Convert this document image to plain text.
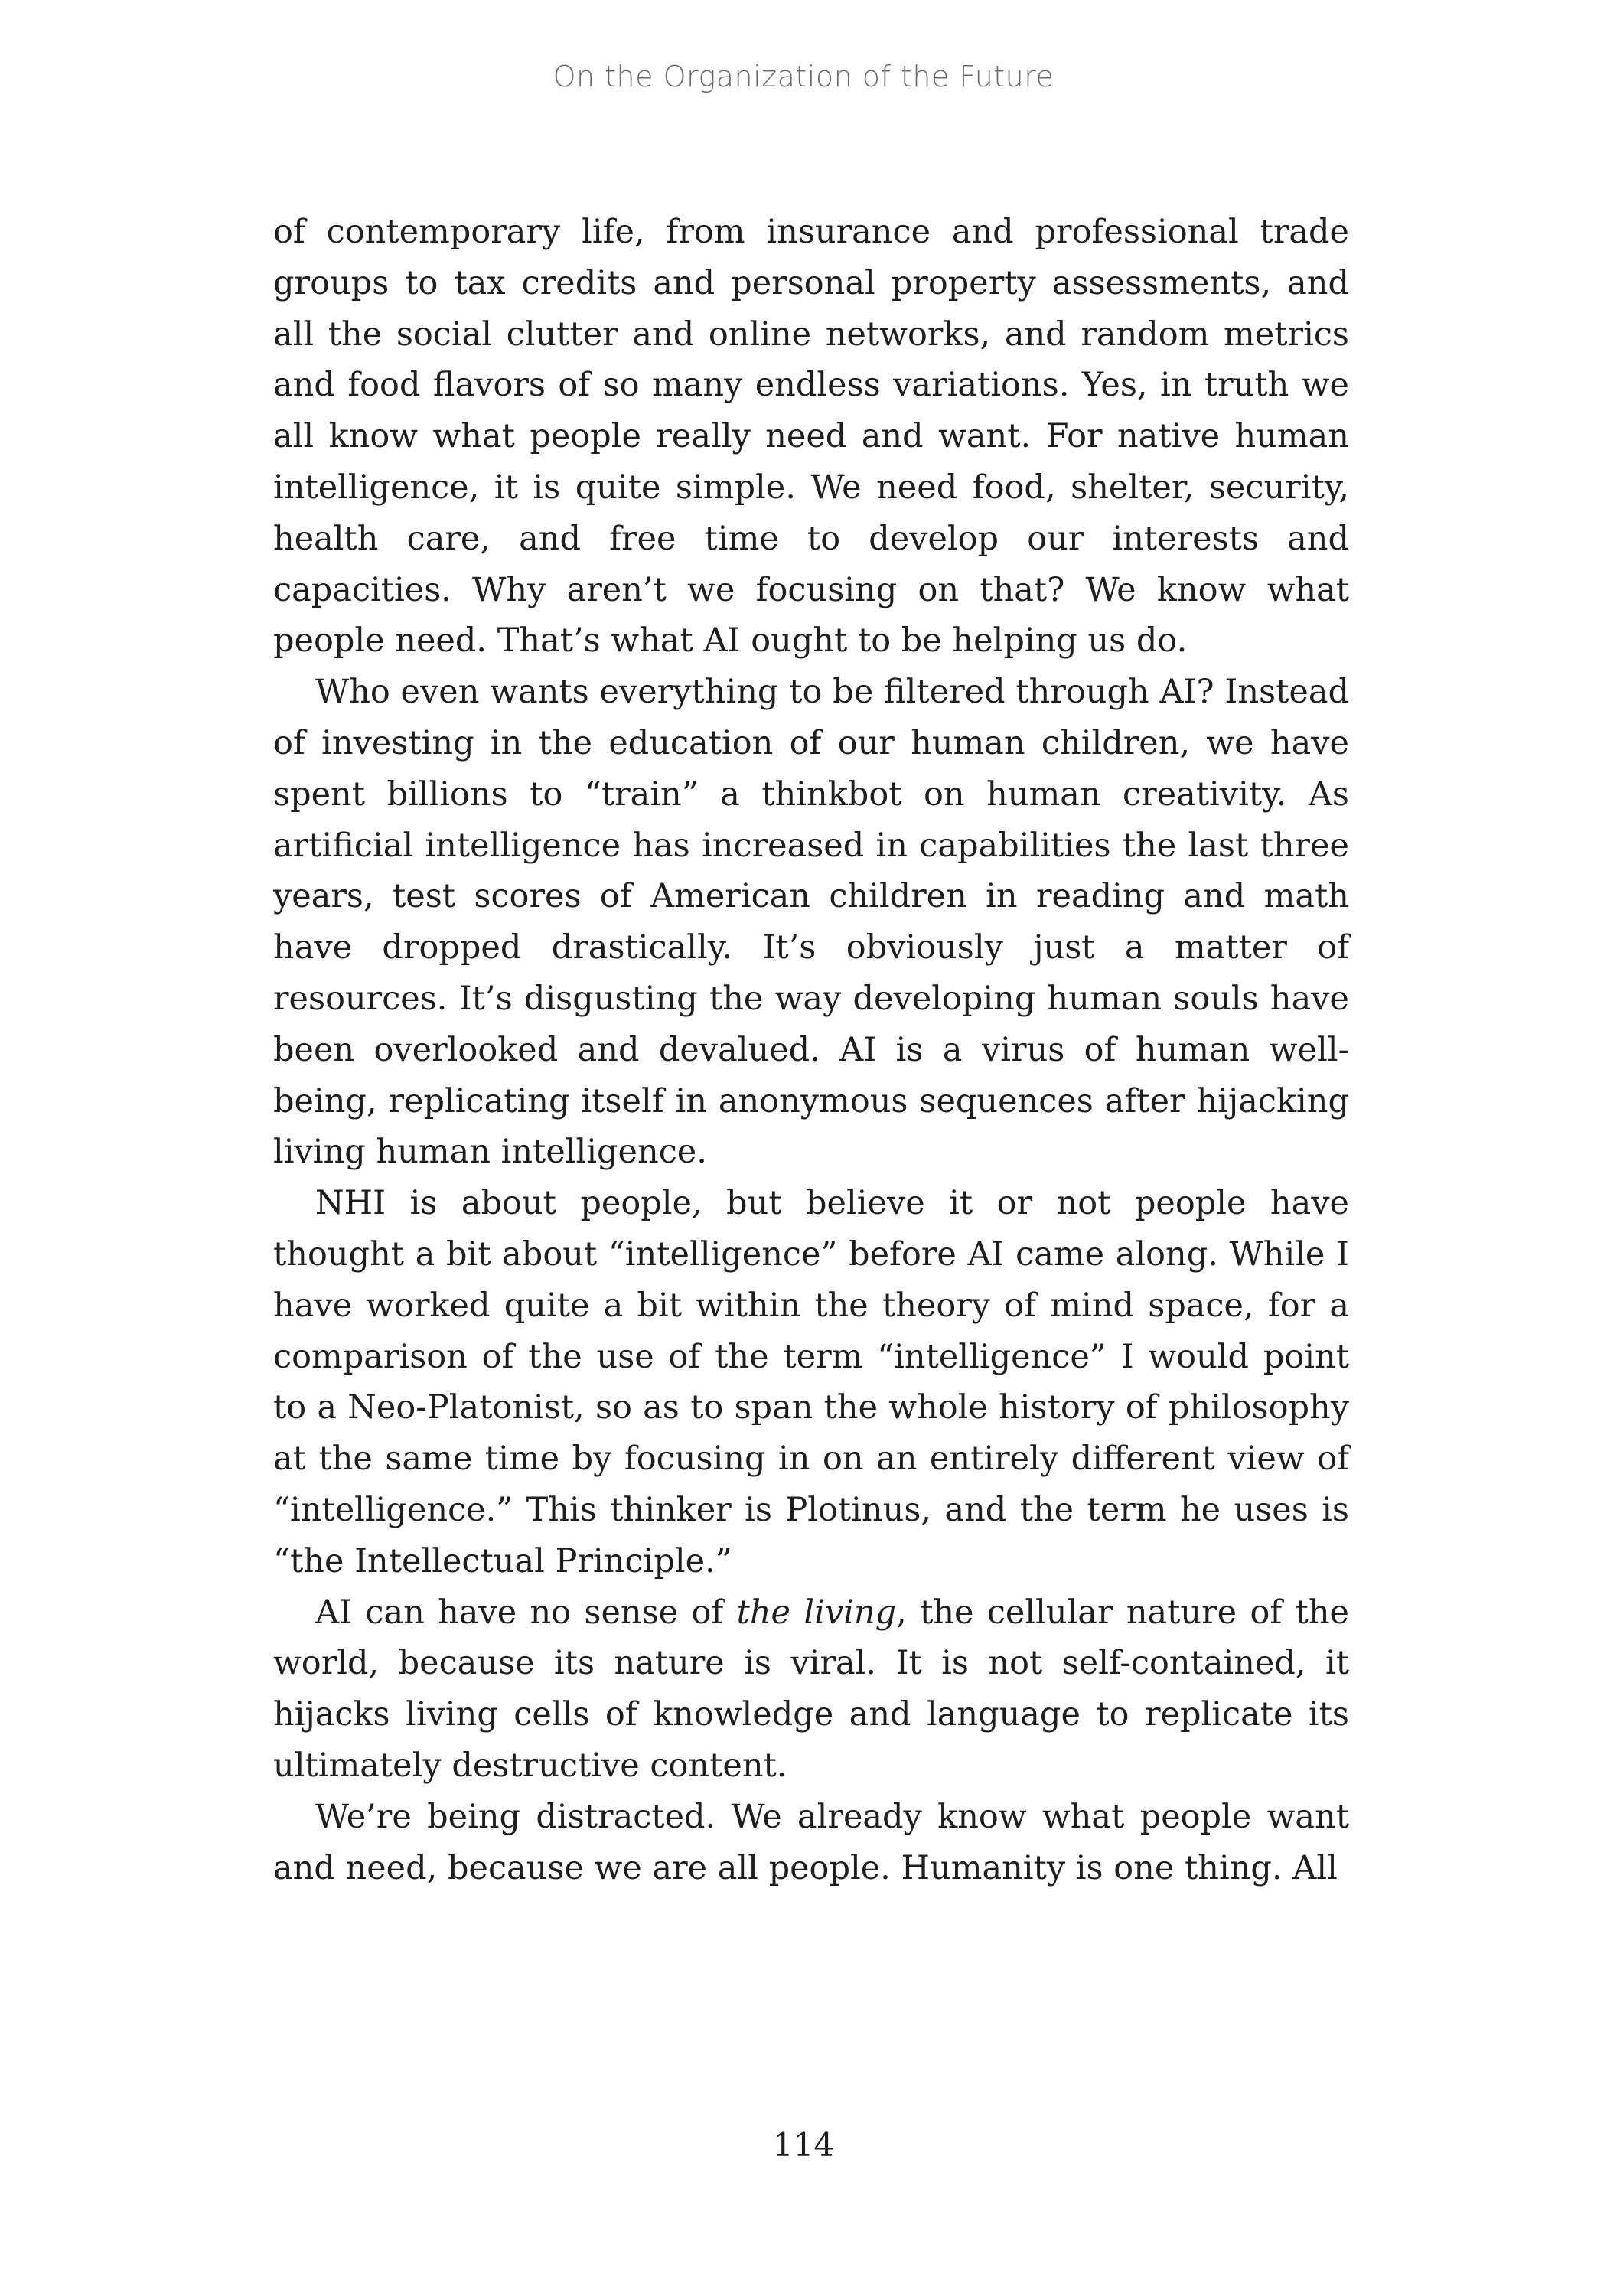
On the Organization of the Future

of contemporary life, from insurance and professional trade groups to tax credits and personal property assessments, and all the social clutter and online networks, and random metrics and food flavors of so many endless variations. Yes, in truth we all know what people really need and want. For native human intelligence, it is quite simple. We need food, shelter, security, health care, and free time to develop our interests and capacities. Why aren’t we focusing on that? We know what people need. That’s what AI ought to be helping us do.

Who even wants everything to be filtered through AI? Instead of investing in the education of our human children, we have spent billions to “train” a thinkbot on human creativity. As artificial intelligence has increased in capabilities the last three years, test scores of American children in reading and math have dropped drastically. It’s obviously just a matter of resources. It’s disgusting the way developing human souls have been overlooked and devalued. AI is a virus of human well-being, replicating itself in anonymous sequences after hijacking living human intelligence.

NHI is about people, but believe it or not people have thought a bit about “intelligence” before AI came along. While I have worked quite a bit within the theory of mind space, for a comparison of the use of the term “intelligence” I would point to a Neo-Platonist, so as to span the whole history of philosophy at the same time by focusing in on an entirely different view of “intelligence.” This thinker is Plotinus, and the term he uses is “the Intellectual Principle.”

AI can have no sense of the living, the cellular nature of the world, because its nature is viral. It is not self-contained, it hijacks living cells of knowledge and language to replicate its ultimately destructive content.

We’re being distracted. We already know what people want and need, because we are all people. Humanity is one thing. All

114
